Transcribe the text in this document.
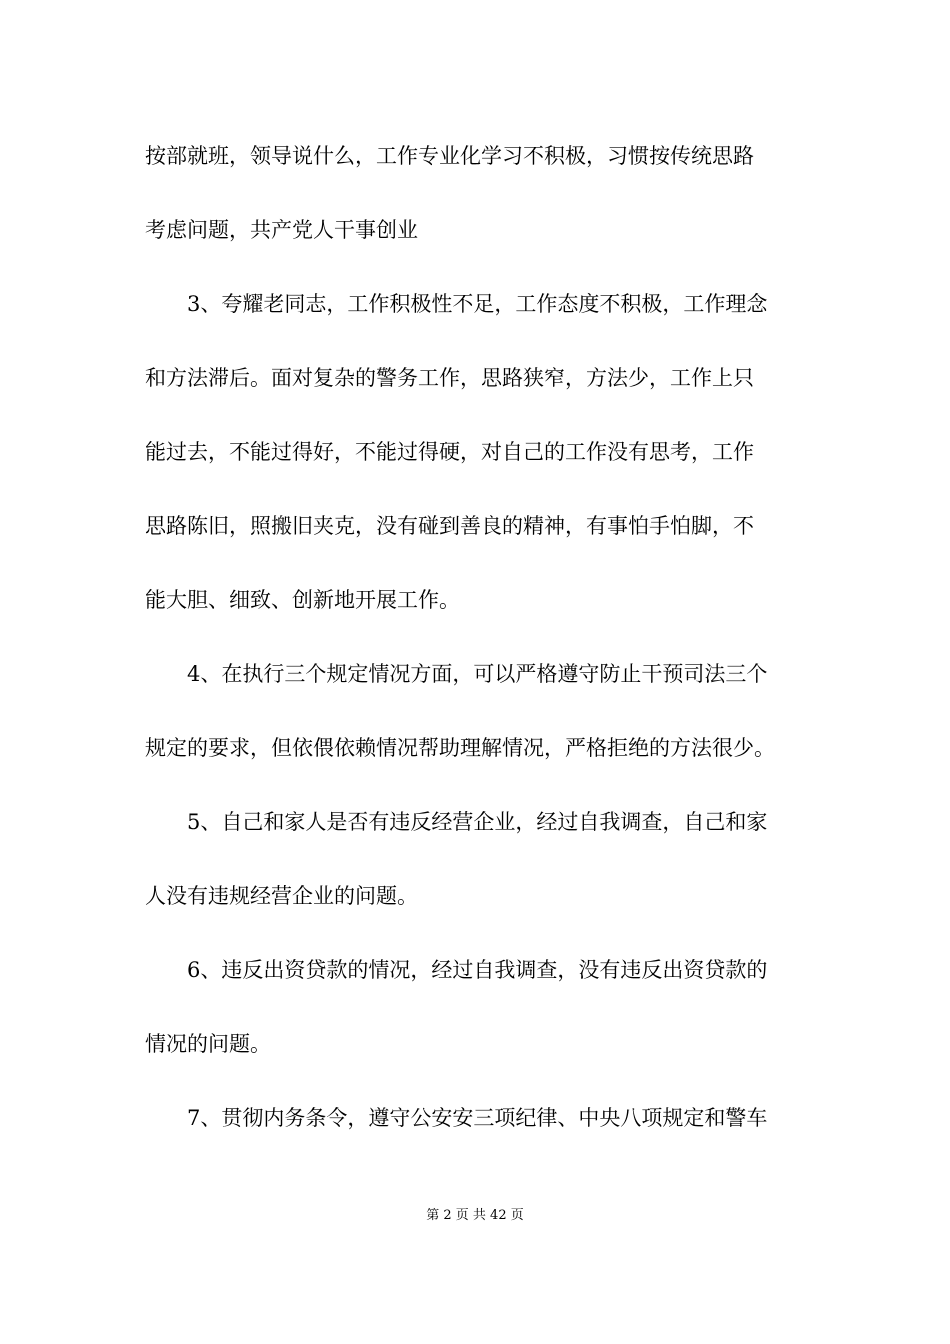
按部就班，领导说什么，工作专业化学习不积极，习惯按传统思路
考虑问题，共产党人干事创业
3、夸耀老同志，工作积极性不足，工作态度不积极，工作理念
和方法滞后。面对复杂的警务工作，思路狭窄，方法少，工作上只
能过去，不能过得好，不能过得硬，对自己的工作没有思考，工作
思路陈旧，照搬旧夹克，没有碰到善良的精神，有事怕手怕脚，不
能大胆、细致、创新地开展工作。
4、在执行三个规定情况方面，可以严格遵守防止干预司法三个
规定的要求，但依偎依赖情况帮助理解情况，严格拒绝的方法很少。
5、自己和家人是否有违反经营企业，经过自我调查，自己和家
人没有违规经营企业的问题。
6、违反出资贷款的情况，经过自我调查，没有违反出资贷款的
情况的问题。
7、贯彻内务条令，遵守公安安三项纪律、中央八项规定和警车
第 2 页 共 42 页
